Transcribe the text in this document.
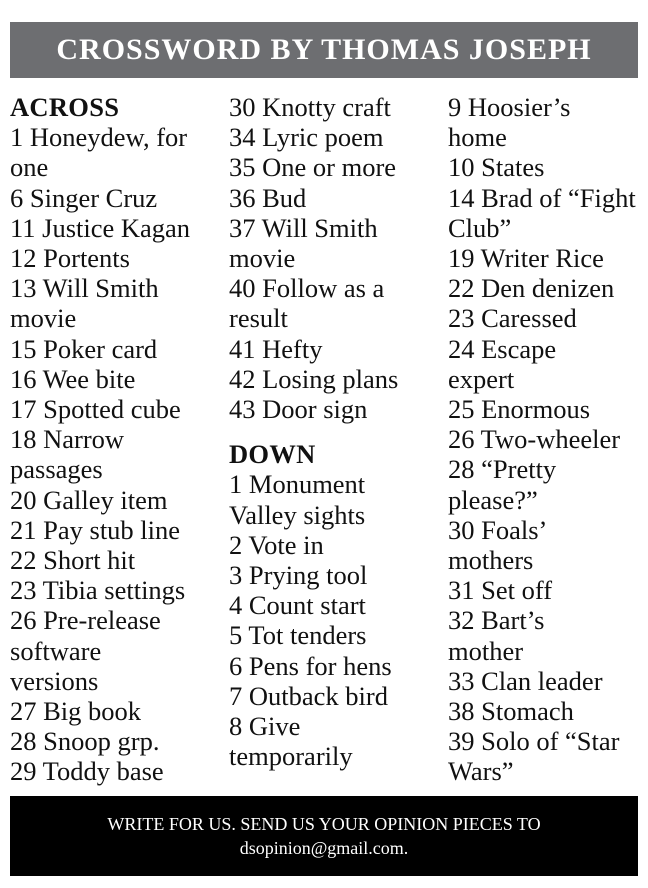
CROSSWORD BY THOMAS JOSEPH
ACROSS
1 Honeydew, for
one
6 Singer Cruz
11 Justice Kagan
12 Portents
13 Will Smith
movie
15 Poker card
16 Wee bite
17 Spotted cube
18 Narrow
passages
20 Galley item
21 Pay stub line
22 Short hit
23 Tibia settings
26 Pre-release
software
versions
27 Big book
28 Snoop grp.
29 Toddy base
30 Knotty craft
34 Lyric poem
35 One or more
36 Bud
37 Will Smith
movie
40 Follow as a
result
41 Hefty
42 Losing plans
43 Door sign
DOWN
1 Monument
Valley sights
2 Vote in
3 Prying tool
4 Count start
5 Tot tenders
6 Pens for hens
7 Outback bird
8 Give
temporarily
9 Hoosier’s
home
10 States
14 Brad of “Fight
Club”
19 Writer Rice
22 Den denizen
23 Caressed
24 Escape
expert
25 Enormous
26 Two-wheeler
28 “Pretty
please?”
30 Foals’
mothers
31 Set off
32 Bart’s
mother
33 Clan leader
38 Stomach
39 Solo of “Star
Wars”
WRITE FOR US. SEND US YOUR OPINION PIECES TO
dsopinion@gmail.com.
